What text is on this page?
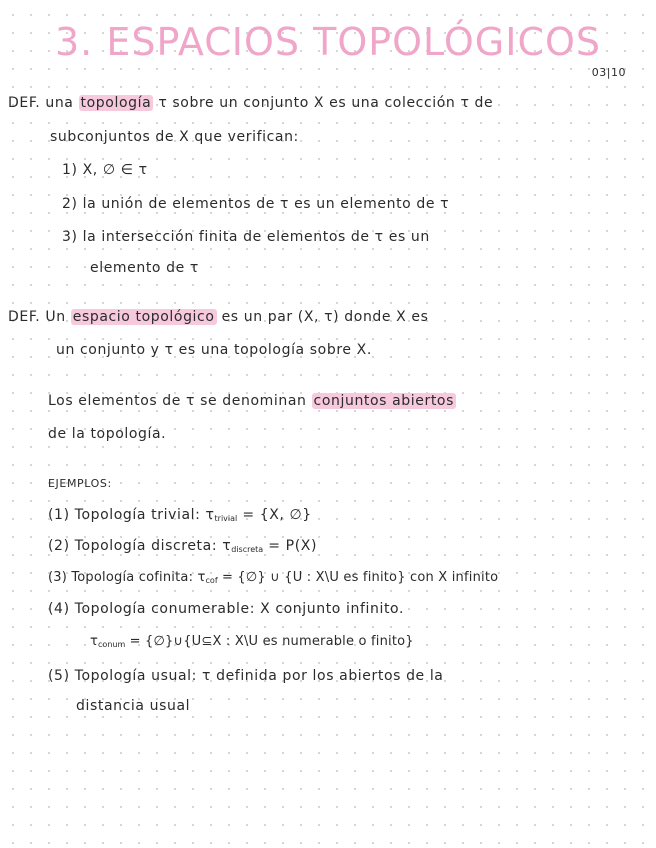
3. ESPACIOS TOPOLÓGICOS
03|10
DEF. una topología τ sobre un conjunto X es una colección τ de
subconjuntos de X que verifican:
1) X, ∅ ∈ τ
2) la unión de elementos de τ es un elemento de τ
3) la intersección finita de elementos de τ es un
elemento de τ
DEF. Un espacio topológico es un par (X, τ) donde X es
un conjunto y τ es una topología sobre X.
Los elementos de τ se denominan conjuntos abiertos
de la topología.
EJEMPLOS:
(1) Topología trivial: $\tau_{trivial} = \{X$, ∅}
(2) Topología discreta: $\tau_{discreta} = P(X)$
(3) Topología cofinita: $\tau_{cof}$ = {∅} ∪ {U : X\U es finito} con X infinito
(4) Topología conumerable: X conjunto infinito.
$\tau_{conum}$ = {∅}∪{U⊆X : X\U es numerable o finito}
(5) Topología usual: τ definida por los abiertos de la
distancia usual
